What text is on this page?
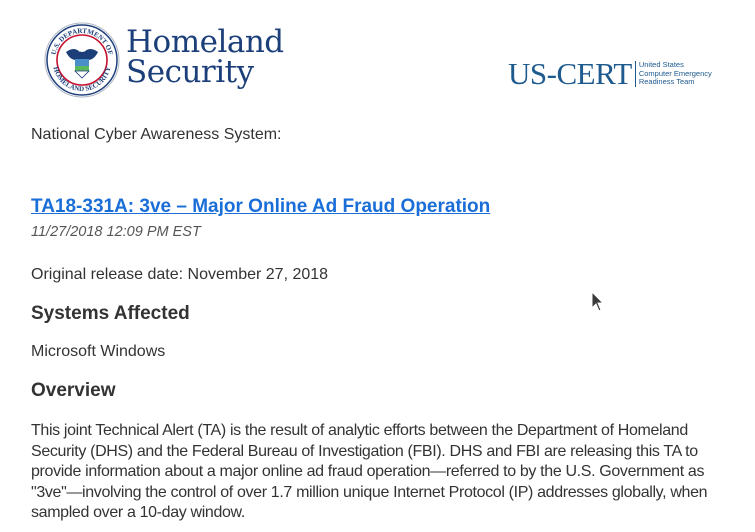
U.S. DEPARTMENT OF
HOMELAND SECURITY
Homeland
Security	US-CERT United States
Computer Emergency
Readiness Team
National Cyber Awareness System:
TA18-331A: 3ve – Major Online Ad Fraud Operation
11/27/2018 12:09 PM EST
Original release date: November 27, 2018
Systems Affected
Microsoft Windows
Overview
This joint Technical Alert (TA) is the result of analytic efforts between the Department of Homeland Security (DHS) and the Federal Bureau of Investigation (FBI). DHS and FBI are releasing this TA to provide information about a major online ad fraud operation—referred to by the U.S. Government as "3ve"—involving the control of over 1.7 million unique Internet Protocol (IP) addresses globally, when sampled over a 10-day window.
